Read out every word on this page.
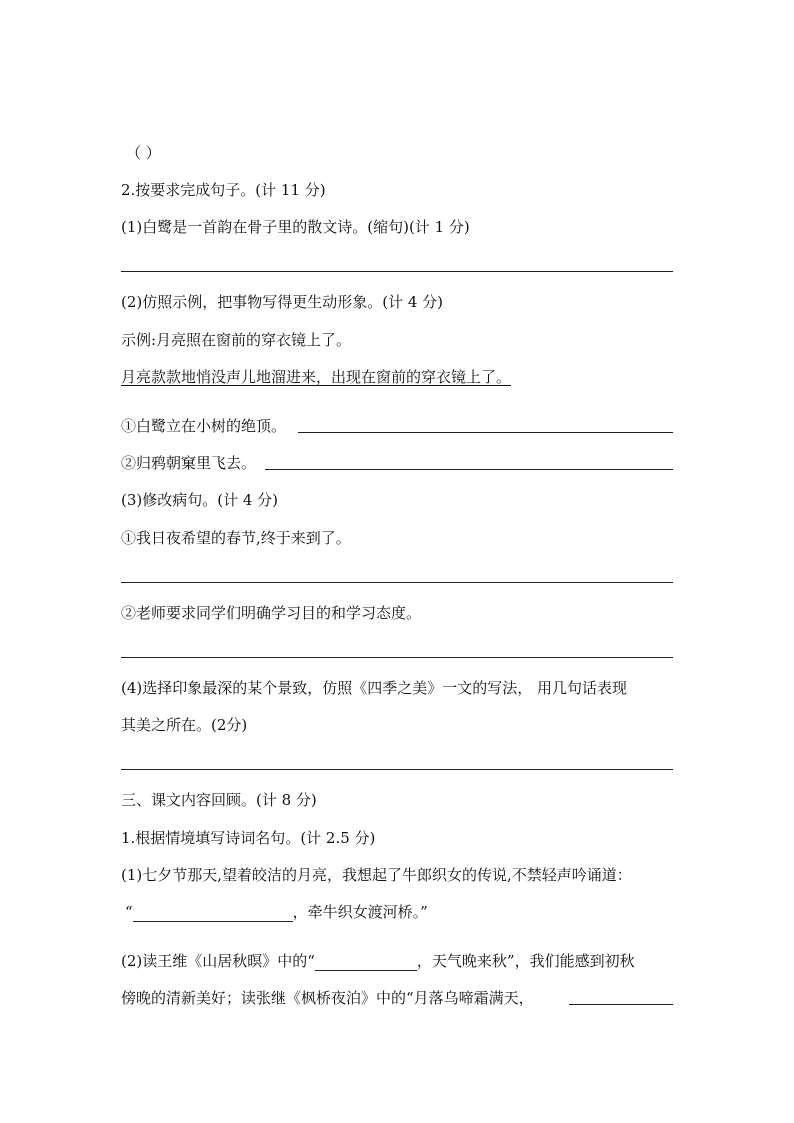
（ ）
2.按要求完成句子。(计 11 分)
(1)白鹭是一首韵在骨子里的散文诗。(缩句)(计 1 分)
(2)仿照示例，把事物写得更生动形象。(计 4 分)
示例:月亮照在窗前的穿衣镜上了。
月亮款款地悄没声儿地溜进来，出现在窗前的穿衣镜上了。
①白鹭立在小树的绝顶。
②归鸦朝窠里飞去。
(3)修改病句。(计 4 分)
①我日夜希望的春节,终于来到了。
②老师要求同学们明确学习目的和学习态度。
(4)选择印象最深的某个景致，仿照《四季之美》一文的写法， 用几句话表现
其美之所在。(2分)
三、课文内容回顾。(计 8 分)
1.根据情境填写诗词名句。(计 2.5 分)
(1)七夕节那天,望着皎洁的月亮，我想起了牛郎织女的传说,不禁轻声吟诵道：
“	，牵牛织女渡河桥。”
(2)读王维《山居秋暝》中的“	，天气晚来秋”，我们能感到初秋
傍晚的清新美好；读张继《枫桥夜泊》中的“月落乌啼霜满天，
